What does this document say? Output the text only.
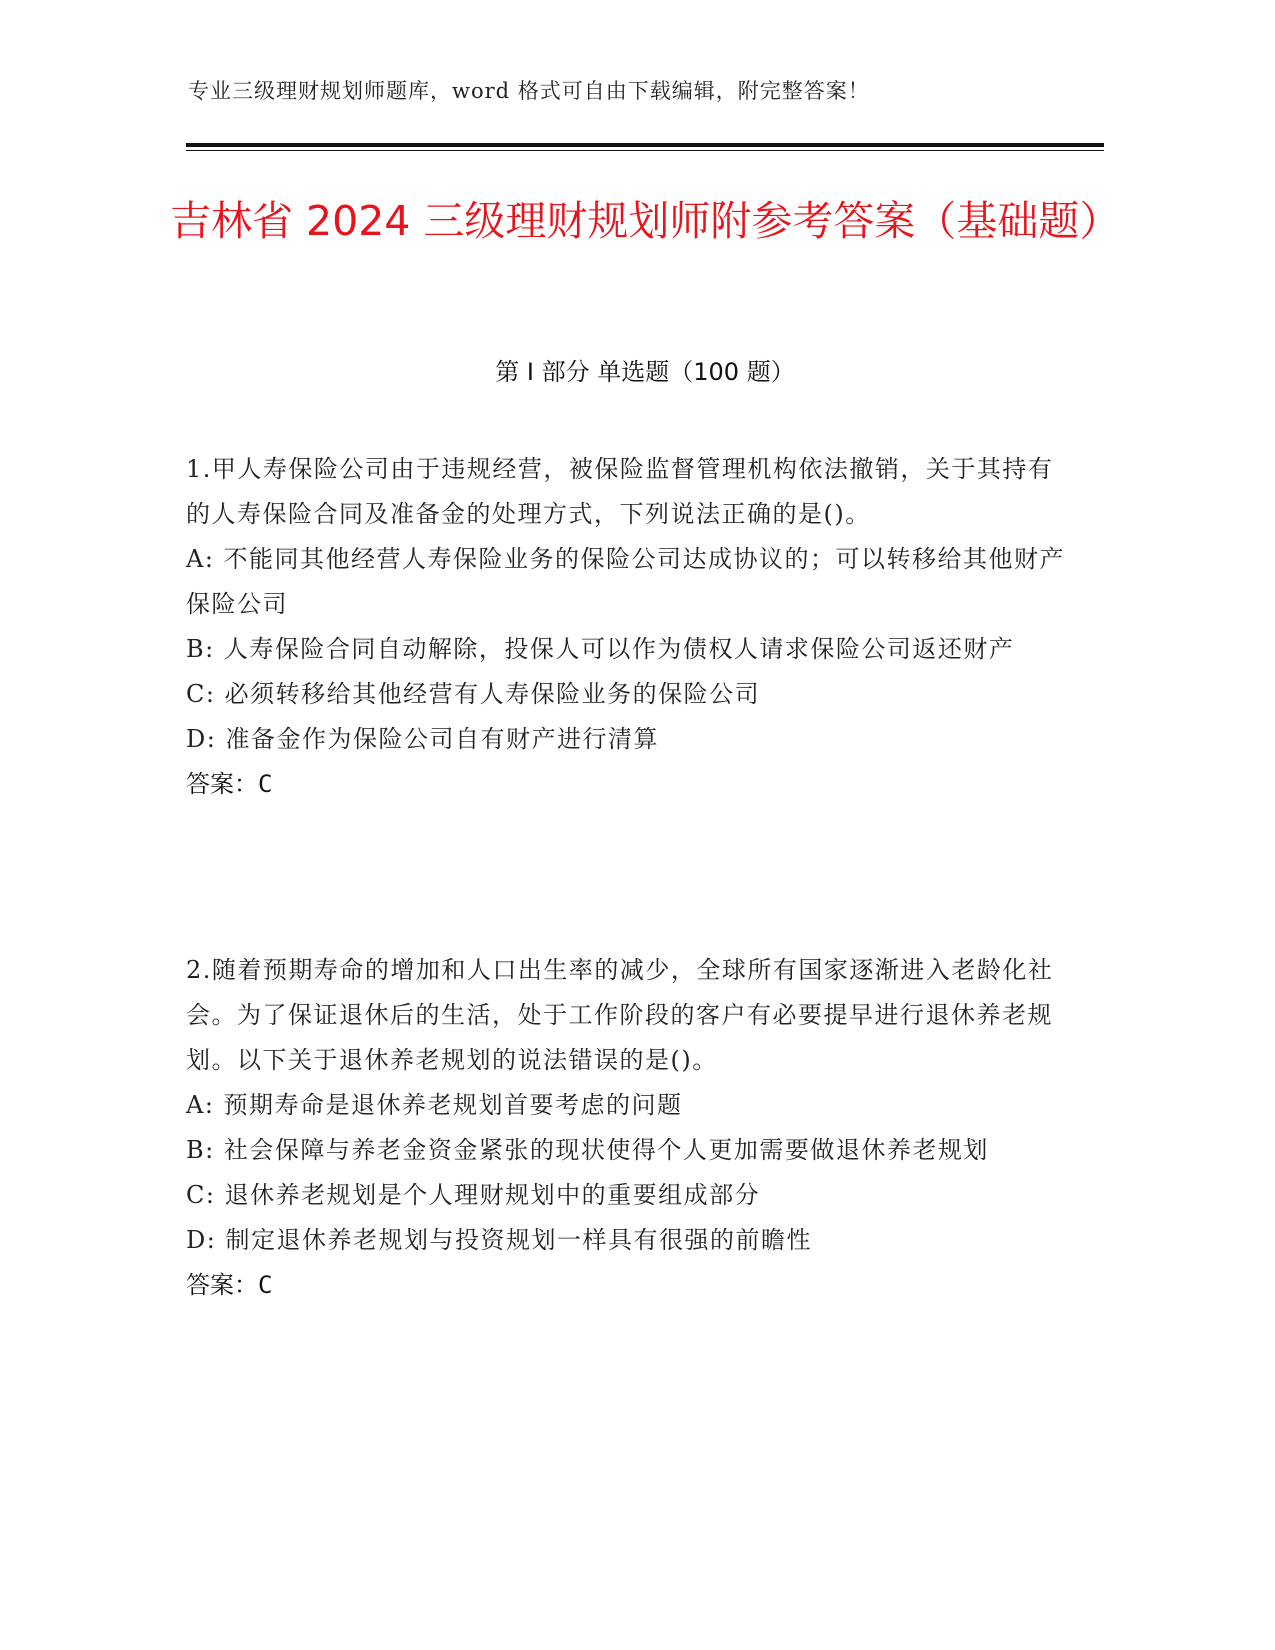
专业三级理财规划师题库，word 格式可自由下载编辑，附完整答案！
吉林省 2024 三级理财规划师附参考答案（基础题）
第 I 部分 单选题（100 题）

1.甲人寿保险公司由于违规经营，被保险监督管理机构依法撤销，关于其持有的人寿保险合同及准备金的处理方式，下列说法正确的是()。

A: 不能同其他经营人寿保险业务的保险公司达成协议的；可以转移给其他财产保险公司

B: 人寿保险合同自动解除，投保人可以作为债权人请求保险公司返还财产

C: 必须转移给其他经营有人寿保险业务的保险公司

D: 准备金作为保险公司自有财产进行清算

答案：C

2.随着预期寿命的增加和人口出生率的减少，全球所有国家逐渐进入老龄化社会。为了保证退休后的生活，处于工作阶段的客户有必要提早进行退休养老规划。以下关于退休养老规划的说法错误的是()。

A: 预期寿命是退休养老规划首要考虑的问题

B: 社会保障与养老金资金紧张的现状使得个人更加需要做退休养老规划

C: 退休养老规划是个人理财规划中的重要组成部分

D: 制定退休养老规划与投资规划一样具有很强的前瞻性

答案：C
